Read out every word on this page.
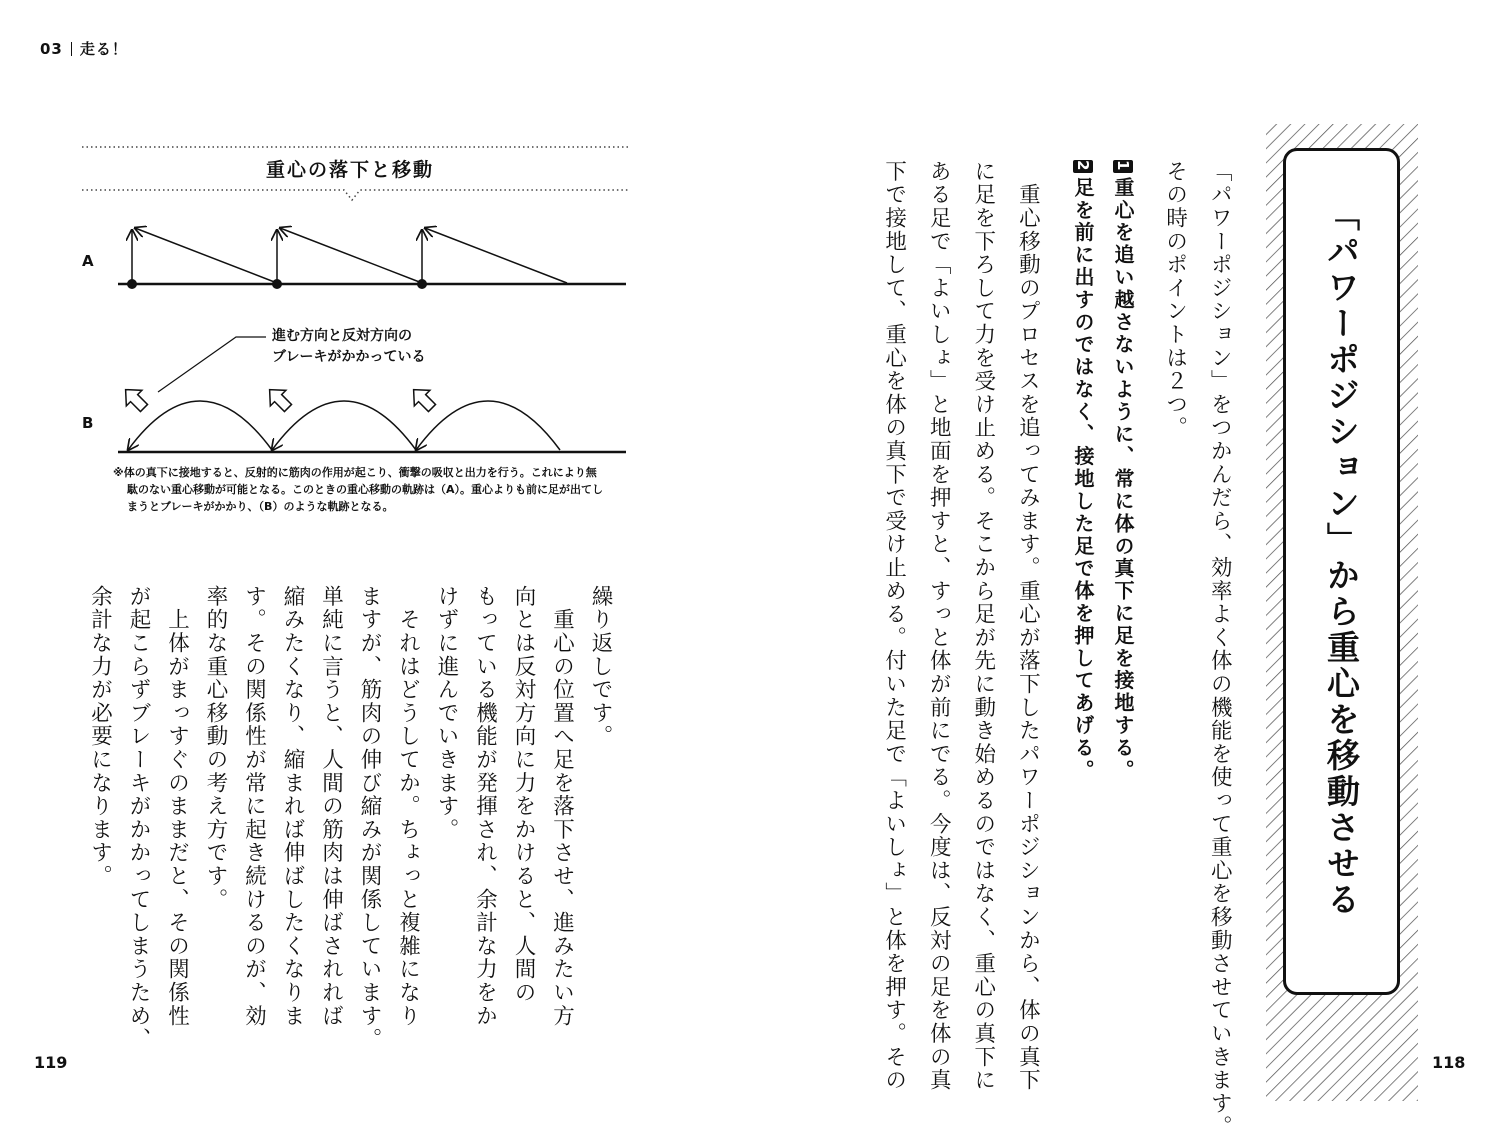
03 走る！
119	118
重心の落下と移動
A
B
進む方向と反対方向の
ブレーキがかかっている
※体の真下に接地すると、反射的に筋肉の作用が起こり、衝撃の吸収と出力を行う。これにより無
駄のない重心移動が可能となる。このときの重心移動の軌跡は（A）。重心よりも前に足が出てし
まうとブレーキがかかり、（B）のような軌跡となる。	「パワーポジション」から重心を移動させる
「パワーポジション」をつかんだら、効率よく体の機能を使って重心を移動させていきます。
その時のポイントは２つ。
1重心を追い越さないように、常に体の真下に足を接地する。
2足を前に出すのではなく、接地した足で体を押してあげる。
　重心移動のプロセスを追ってみます。重心が落下したパワーポジションから、体の真下
に足を下ろして力を受け止める。そこから足が先に動き始めるのではなく、重心の真下に
ある足で「よいしょ」と地面を押すと、すっと体が前にでる。今度は、反対の足を体の真
下で接地して、重心を体の真下で受け止める。付いた足で「よいしょ」と体を押す。その
繰り返しです。
　重心の位置へ足を落下させ、進みたい方
向とは反対方向に力をかけると、人間の
もっている機能が発揮され、余計な力をか
けずに進んでいきます。
　それはどうしてか。ちょっと複雑になり
ますが、筋肉の伸び縮みが関係しています。
単純に言うと、人間の筋肉は伸ばされれば
縮みたくなり、縮まれば伸ばしたくなりま
す。その関係性が常に起き続けるのが、効
率的な重心移動の考え方です。
　上体がまっすぐのままだと、その関係性
が起こらずブレーキがかかってしまうため、
余計な力が必要になります。
